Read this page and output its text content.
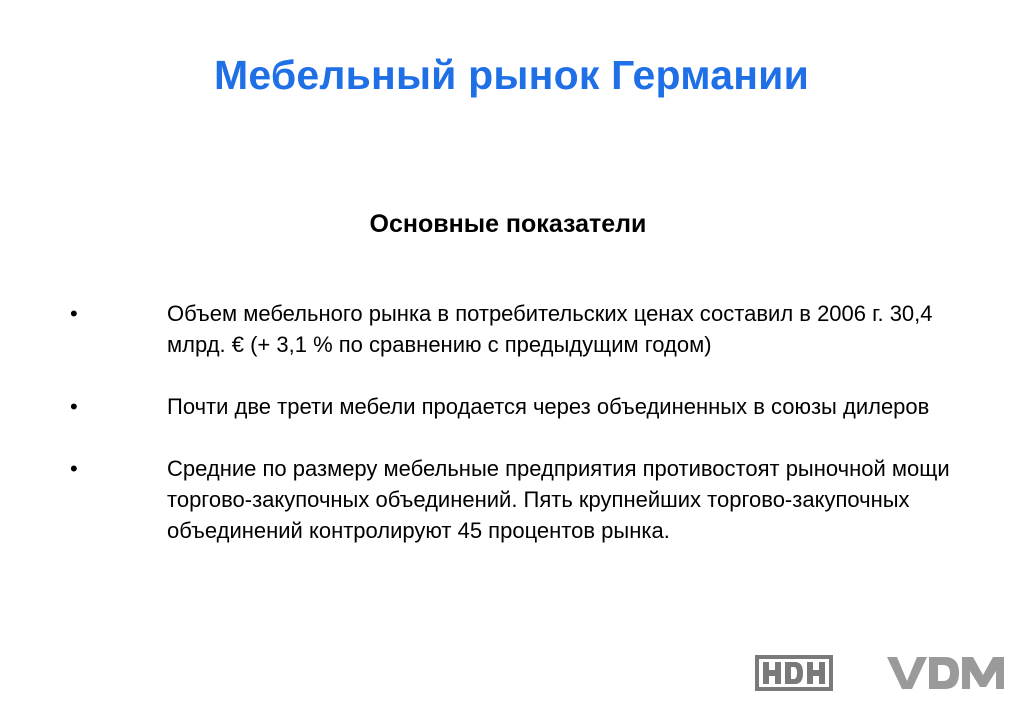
Мебельный рынок Германии
Основные показатели
•	Объем мебельного рынка в потребительских ценах составил в 2006 г. 30,4 млрд. € (+ 3,1 % по сравнению с предыдущим годом)
•	Почти две трети мебели продается через объединенных в союзы дилеров
•	Средние по размеру мебельные предприятия противостоят рыночной мощи торгово-закупочных объединений. Пять крупнейших торгово-закупочных объединений контролируют 45 процентов рынка.
